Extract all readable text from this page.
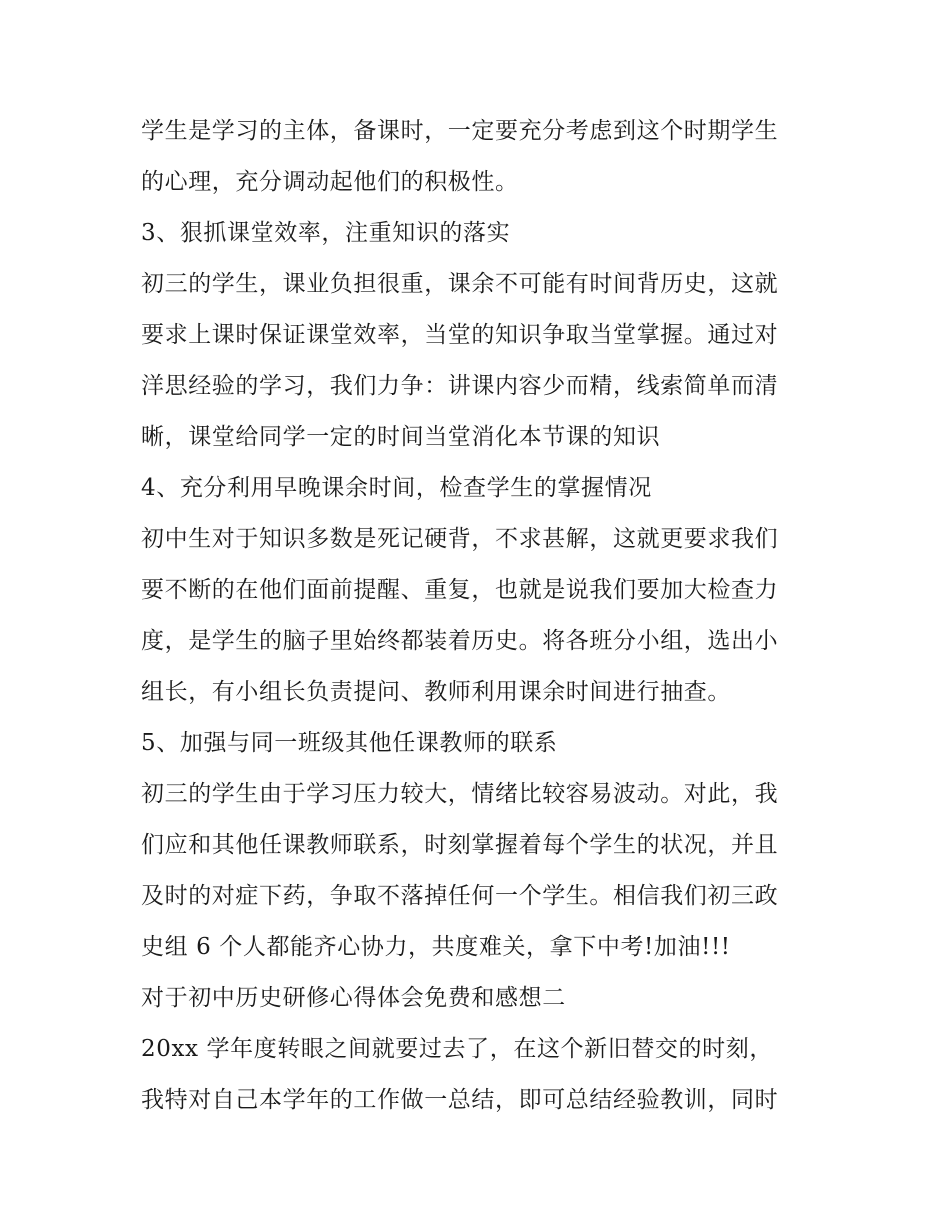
学生是学习的主体，备课时，一定要充分考虑到这个时期学生
的心理，充分调动起他们的积极性。
3、狠抓课堂效率，注重知识的落实
初三的学生，课业负担很重，课余不可能有时间背历史，这就
要求上课时保证课堂效率，当堂的知识争取当堂掌握。通过对
洋思经验的学习，我们力争：讲课内容少而精，线索简单而清
晰，课堂给同学一定的时间当堂消化本节课的知识
4、充分利用早晚课余时间，检查学生的掌握情况
初中生对于知识多数是死记硬背，不求甚解，这就更要求我们
要不断的在他们面前提醒、重复，也就是说我们要加大检查力
度，是学生的脑子里始终都装着历史。将各班分小组，选出小
组长，有小组长负责提问、教师利用课余时间进行抽查。
5、加强与同一班级其他任课教师的联系
初三的学生由于学习压力较大，情绪比较容易波动。对此，我
们应和其他任课教师联系，时刻掌握着每个学生的状况，并且
及时的对症下药，争取不落掉任何一个学生。相信我们初三政
史组 6 个人都能齐心协力，共度难关，拿下中考!加油!!!
对于初中历史研修心得体会免费和感想二
20xx 学年度转眼之间就要过去了，在这个新旧替交的时刻，
我特对自己本学年的工作做一总结，即可总结经验教训，同时
